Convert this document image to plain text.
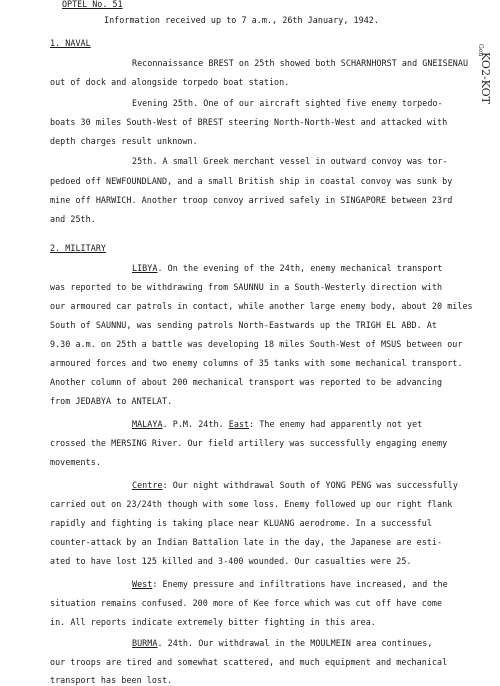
OPTEL No. 51
Information received up to 7 a.m., 26th January, 1942.
KO2-KOT
Gon
1. NAVAL
Reconnaissance BREST on 25th showed both SCHARNHORST and GNEISENAU
out of dock and alongside torpedo boat station.
Evening 25th. One of our aircraft sighted five enemy torpedo-
boats 30 miles South-West of BREST steering North-North-West and attacked with
depth charges result unknown.
25th. A small Greek merchant vessel in outward convoy was tor-
pedoed off NEWFOUNDLAND, and a small British ship in coastal convoy was sunk by
mine off HARWICH. Another troop convoy arrived safely in SINGAPORE between 23rd
and 25th.
2. MILITARY
LIBYA. On the evening of the 24th, enemy mechanical transport
was reported to be withdrawing from SAUNNU in a South-Westerly direction with
our armoured car patrols in contact, while another large enemy body, about 20 miles
South of SAUNNU, was sending patrols North-Eastwards up the TRIGH EL ABD. At
9.30 a.m. on 25th a battle was developing 18 miles South-West of MSUS between our
armoured forces and two enemy columns of 35 tanks with some mechanical transport.
Another column of about 200 mechanical transport was reported to be advancing
from JEDABYA to ANTELAT.
MALAYA. P.M. 24th. East: The enemy had apparently not yet
crossed the MERSING River. Our field artillery was successfully engaging enemy
movements.
Centre: Our night withdrawal South of YONG PENG was successfully
carried out on 23/24th though with some loss. Enemy followed up our right flank
rapidly and fighting is taking place near KLUANG aerodrome. In a successful
counter-attack by an Indian Battalion late in the day, the Japanese are esti-
ated to have lost 125 killed and 3-400 wounded. Our casualties were 25.
West: Enemy pressure and infiltrations have increased, and the
situation remains confused. 200 more of Kee force which was cut off have come
in. All reports indicate extremely bitter fighting in this area.
BURMA. 24th. Our withdrawal in the MOULMEIN area continues,
our troops are tired and somewhat scattered, and much equipment and mechanical
transport has been lost.
